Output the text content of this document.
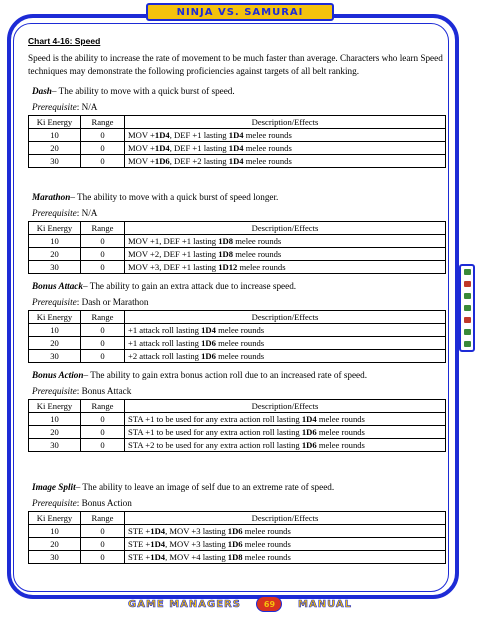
NINJA VS. SAMURAI
Chart 4-16: Speed
Speed is the ability to increase the rate of movement to be much faster than average. Characters who learn Speed techniques may demonstrate the following proficiencies against targets of all belt ranking.
Dash– The ability to move with a quick burst of speed.
Prerequisite: N/A
Ki Energy	Range	Description/Effects
10	0	MOV +1D4, DEF +1 lasting 1D4 melee rounds
20	0	MOV +1D4, DEF +1 lasting 1D4 melee rounds
30	0	MOV +1D6, DEF +2 lasting 1D4 melee rounds
Marathon– The ability to move with a quick burst of speed longer.
Prerequisite: N/A
Ki Energy	Range	Description/Effects
10	0	MOV +1, DEF +1 lasting 1D8 melee rounds
20	0	MOV +2, DEF +1 lasting 1D8 melee rounds
30	0	MOV +3, DEF +1 lasting 1D12 melee rounds
Bonus Attack– The ability to gain an extra attack due to increase speed.
Prerequisite: Dash or Marathon
Ki Energy	Range	Description/Effects
10	0	+1 attack roll lasting 1D4 melee rounds
20	0	+1 attack roll lasting 1D6 melee rounds
30	0	+2 attack roll lasting 1D6 melee rounds
Bonus Action– The ability to gain extra bonus action roll due to an increased rate of speed.
Prerequisite: Bonus Attack
Ki Energy	Range	Description/Effects
10	0	STA +1 to be used for any extra action roll lasting 1D4 melee rounds
20	0	STA +1 to be used for any extra action roll lasting 1D6 melee rounds
30	0	STA +2 to be used for any extra action roll lasting 1D6 melee rounds
Image Split– The ability to leave an image of self due to an extreme rate of speed.
Prerequisite: Bonus Action
Ki Energy	Range	Description/Effects
10	0	STE +1D4, MOV +3 lasting 1D6 melee rounds
20	0	STE +1D4, MOV +3 lasting 1D6 melee rounds
30	0	STE +1D4, MOV +4 lasting 1D8 melee rounds
GAME MANAGERS	69	MANUAL
